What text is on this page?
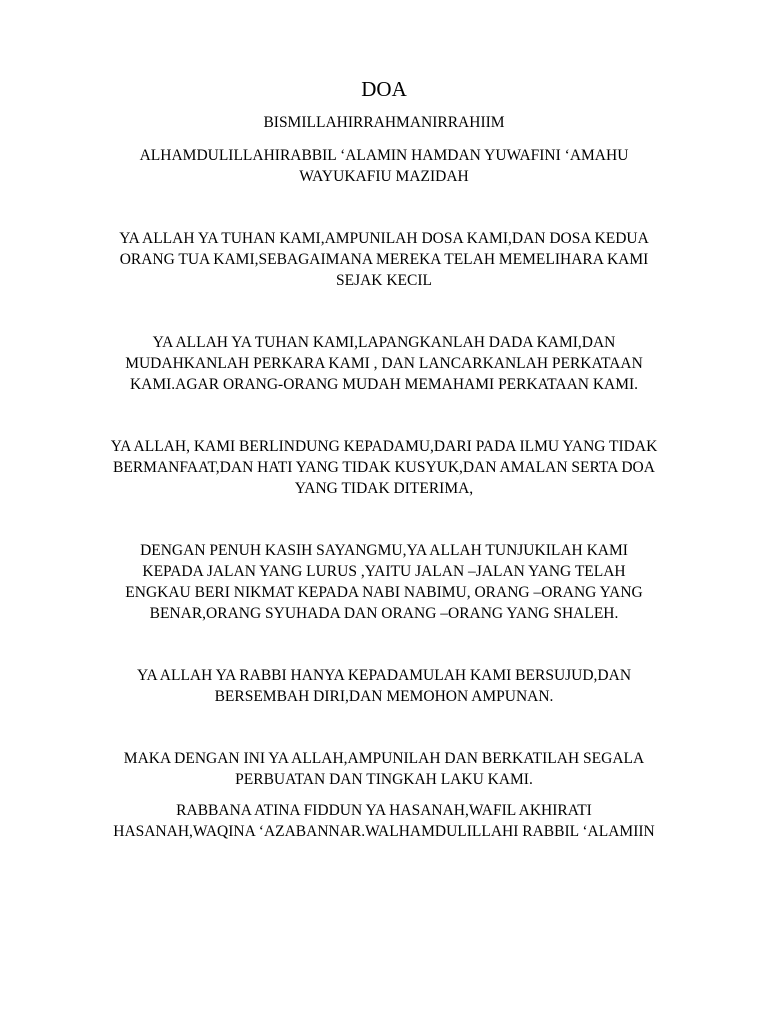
DOA
BISMILLAHIRRAHMANIRRAHIIM
ALHAMDULILLAHIRABBIL ‘ALAMIN HAMDAN YUWAFINI ‘AMAHU
WAYUKAFIU MAZIDAH
YA ALLAH YA TUHAN KAMI,AMPUNILAH DOSA KAMI,DAN DOSA KEDUA
ORANG TUA KAMI,SEBAGAIMANA MEREKA TELAH MEMELIHARA KAMI
SEJAK KECIL
YA ALLAH YA TUHAN KAMI,LAPANGKANLAH DADA KAMI,DAN
MUDAHKANLAH PERKARA KAMI , DAN LANCARKANLAH PERKATAAN
KAMI.AGAR ORANG-ORANG MUDAH MEMAHAMI PERKATAAN KAMI.
YA ALLAH, KAMI BERLINDUNG KEPADAMU,DARI PADA ILMU YANG TIDAK
BERMANFAAT,DAN HATI YANG TIDAK KUSYUK,DAN AMALAN SERTA DOA
YANG TIDAK DITERIMA,
DENGAN PENUH KASIH SAYANGMU,YA ALLAH TUNJUKILAH KAMI
KEPADA JALAN YANG LURUS ,YAITU JALAN –JALAN YANG TELAH
ENGKAU BERI NIKMAT KEPADA NABI NABIMU, ORANG –ORANG YANG
BENAR,ORANG SYUHADA DAN ORANG –ORANG YANG SHALEH.
YA ALLAH YA RABBI HANYA KEPADAMULAH KAMI BERSUJUD,DAN
BERSEMBAH DIRI,DAN MEMOHON AMPUNAN.
MAKA DENGAN INI YA ALLAH,AMPUNILAH DAN BERKATILAH SEGALA
PERBUATAN DAN TINGKAH LAKU KAMI.
RABBANA ATINA FIDDUN YA HASANAH,WAFIL AKHIRATI
HASANAH,WAQINA ‘AZABANNAR.WALHAMDULILLAHI RABBIL ‘ALAMIIN
